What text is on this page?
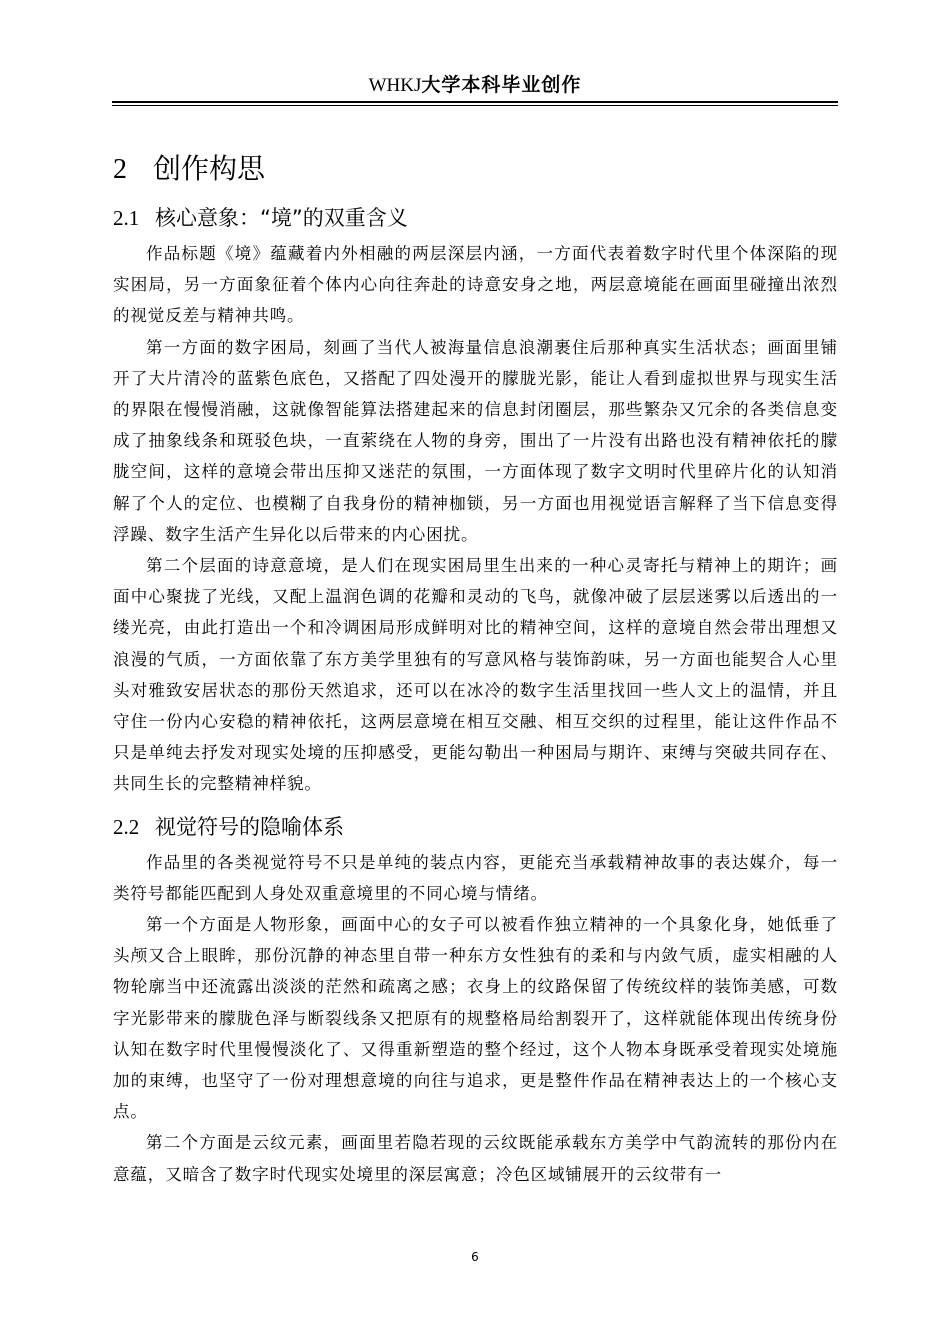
WHKJ大学本科毕业创作
2 创作构思
2.1 核心意象：“境”的双重含义

作品标题《境》蕴藏着内外相融的两层深层内涵，一方面代表着数字时代里个体深陷的现实困局，另一方面象征着个体内心向往奔赴的诗意安身之地，两层意境能在画面里碰撞出浓烈的视觉反差与精神共鸣。

第一方面的数字困局，刻画了当代人被海量信息浪潮裹住后那种真实生活状态；画面里铺开了大片清冷的蓝紫色底色，又搭配了四处漫开的朦胧光影，能让人看到虚拟世界与现实生活的界限在慢慢消融，这就像智能算法搭建起来的信息封闭圈层，那些繁杂又冗余的各类信息变成了抽象线条和斑驳色块，一直萦绕在人物的身旁，围出了一片没有出路也没有精神依托的朦胧空间，这样的意境会带出压抑又迷茫的氛围，一方面体现了数字文明时代里碎片化的认知消解了个人的定位、也模糊了自我身份的精神枷锁，另一方面也用视觉语言解释了当下信息变得浮躁、数字生活产生异化以后带来的内心困扰。

第二个层面的诗意意境，是人们在现实困局里生出来的一种心灵寄托与精神上的期许；画面中心聚拢了光线，又配上温润色调的花瓣和灵动的飞鸟，就像冲破了层层迷雾以后透出的一缕光亮，由此打造出一个和冷调困局形成鲜明对比的精神空间，这样的意境自然会带出理想又浪漫的气质，一方面依靠了东方美学里独有的写意风格与装饰韵味，另一方面也能契合人心里头对雅致安居状态的那份天然追求，还可以在冰冷的数字生活里找回一些人文上的温情，并且守住一份内心安稳的精神依托，这两层意境在相互交融、相互交织的过程里，能让这件作品不只是单纯去抒发对现实处境的压抑感受，更能勾勒出一种困局与期许、束缚与突破共同存在、共同生长的完整精神样貌。

2.2 视觉符号的隐喻体系

作品里的各类视觉符号不只是单纯的装点内容，更能充当承载精神故事的表达媒介，每一类符号都能匹配到人身处双重意境里的不同心境与情绪。

第一个方面是人物形象，画面中心的女子可以被看作独立精神的一个具象化身，她低垂了头颅又合上眼眸，那份沉静的神态里自带一种东方女性独有的柔和与内敛气质，虚实相融的人物轮廓当中还流露出淡淡的茫然和疏离之感；衣身上的纹路保留了传统纹样的装饰美感，可数字光影带来的朦胧色泽与断裂线条又把原有的规整格局给割裂开了，这样就能体现出传统身份认知在数字时代里慢慢淡化了、又得重新塑造的整个经过，这个人物本身既承受着现实处境施加的束缚，也坚守了一份对理想意境的向往与追求，更是整件作品在精神表达上的一个核心支点。

第二个方面是云纹元素，画面里若隐若现的云纹既能承载东方美学中气韵流转的那份内在意蕴，又暗含了数字时代现实处境里的深层寓意；冷色区域铺展开的云纹带有一

6
